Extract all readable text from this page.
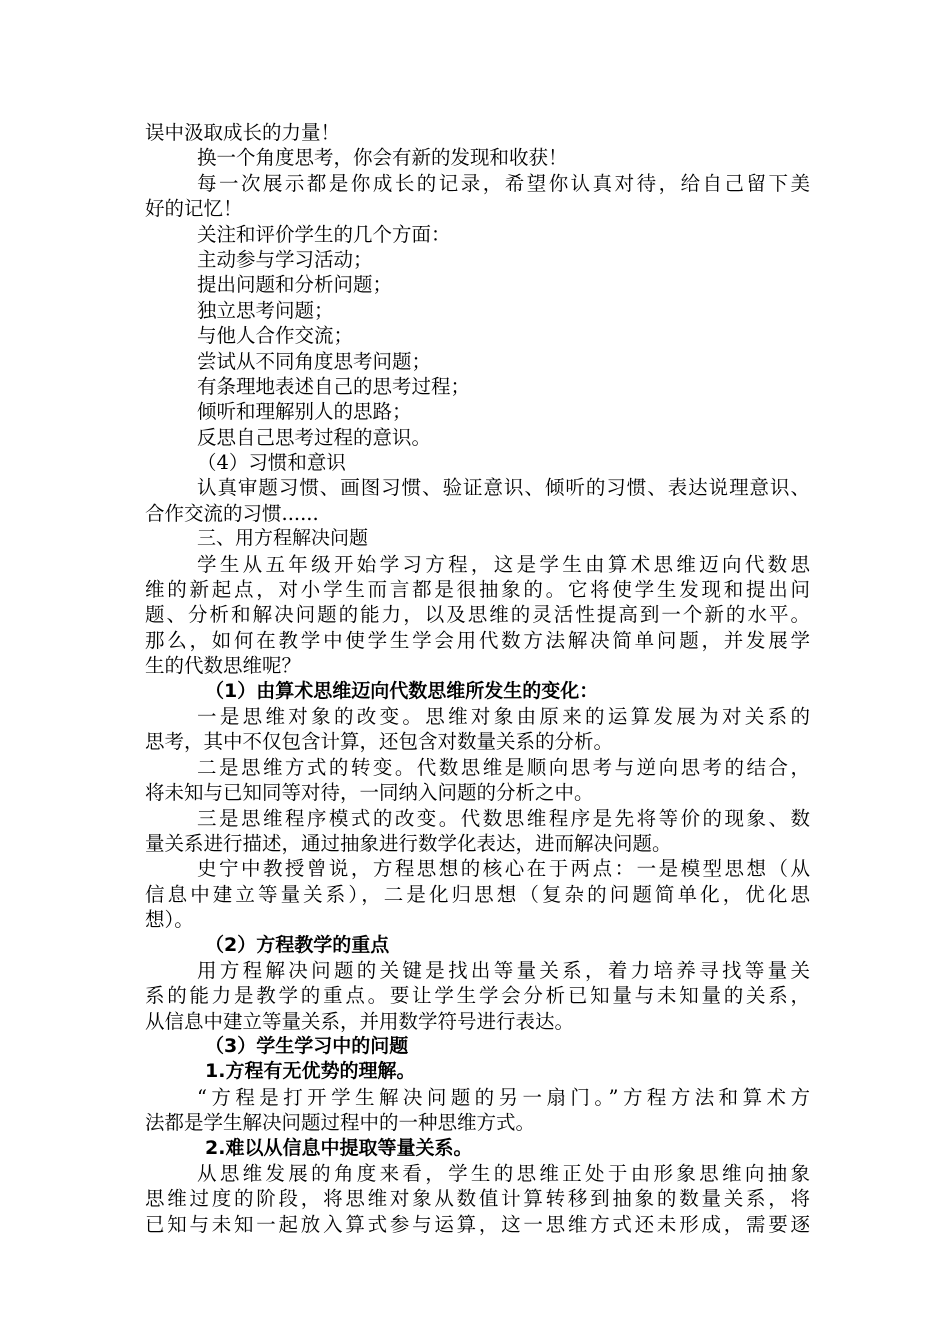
误中汲取成长的力量！
换一个角度思考，你会有新的发现和收获！
每一次展示都是你成长的记录，希望你认真对待，给自己留下美
好的记忆！
关注和评价学生的几个方面：
主动参与学习活动；
提出问题和分析问题；
独立思考问题；
与他人合作交流；
尝试从不同角度思考问题；
有条理地表述自己的思考过程；
倾听和理解别人的思路；
反思自己思考过程的意识。
（4）习惯和意识
认真审题习惯、画图习惯、验证意识、倾听的习惯、表达说理意识、
合作交流的习惯......
三、用方程解决问题
学生从五年级开始学习方程，这是学生由算术思维迈向代数思
维的新起点，对小学生而言都是很抽象的。它将使学生发现和提出问
题、分析和解决问题的能力，以及思维的灵活性提高到一个新的水平。
那么，如何在教学中使学生学会用代数方法解决简单问题，并发展学
生的代数思维呢？
（1）由算术思维迈向代数思维所发生的变化：
一是思维对象的改变。思维对象由原来的运算发展为对关系的
思考，其中不仅包含计算，还包含对数量关系的分析。
二是思维方式的转变。代数思维是顺向思考与逆向思考的结合，
将未知与已知同等对待，一同纳入问题的分析之中。
三是思维程序模式的改变。代数思维程序是先将等价的现象、数
量关系进行描述，通过抽象进行数学化表达，进而解决问题。
史宁中教授曾说，方程思想的核心在于两点：一是模型思想（从
信息中建立等量关系），二是化归思想（复杂的问题简单化，优化思
想）。
（2）方程教学的重点
用方程解决问题的关键是找出等量关系，着力培养寻找等量关
系的能力是教学的重点。要让学生学会分析已知量与未知量的关系，
从信息中建立等量关系，并用数学符号进行表达。
（3）学生学习中的问题
1.方程有无优势的理解。
“方程是打开学生解决问题的另一扇门。”方程方法和算术方
法都是学生解决问题过程中的一种思维方式。
2.难以从信息中提取等量关系。
从思维发展的角度来看，学生的思维正处于由形象思维向抽象
思维过度的阶段，将思维对象从数值计算转移到抽象的数量关系，将
已知与未知一起放入算式参与运算，这一思维方式还未形成，需要逐
